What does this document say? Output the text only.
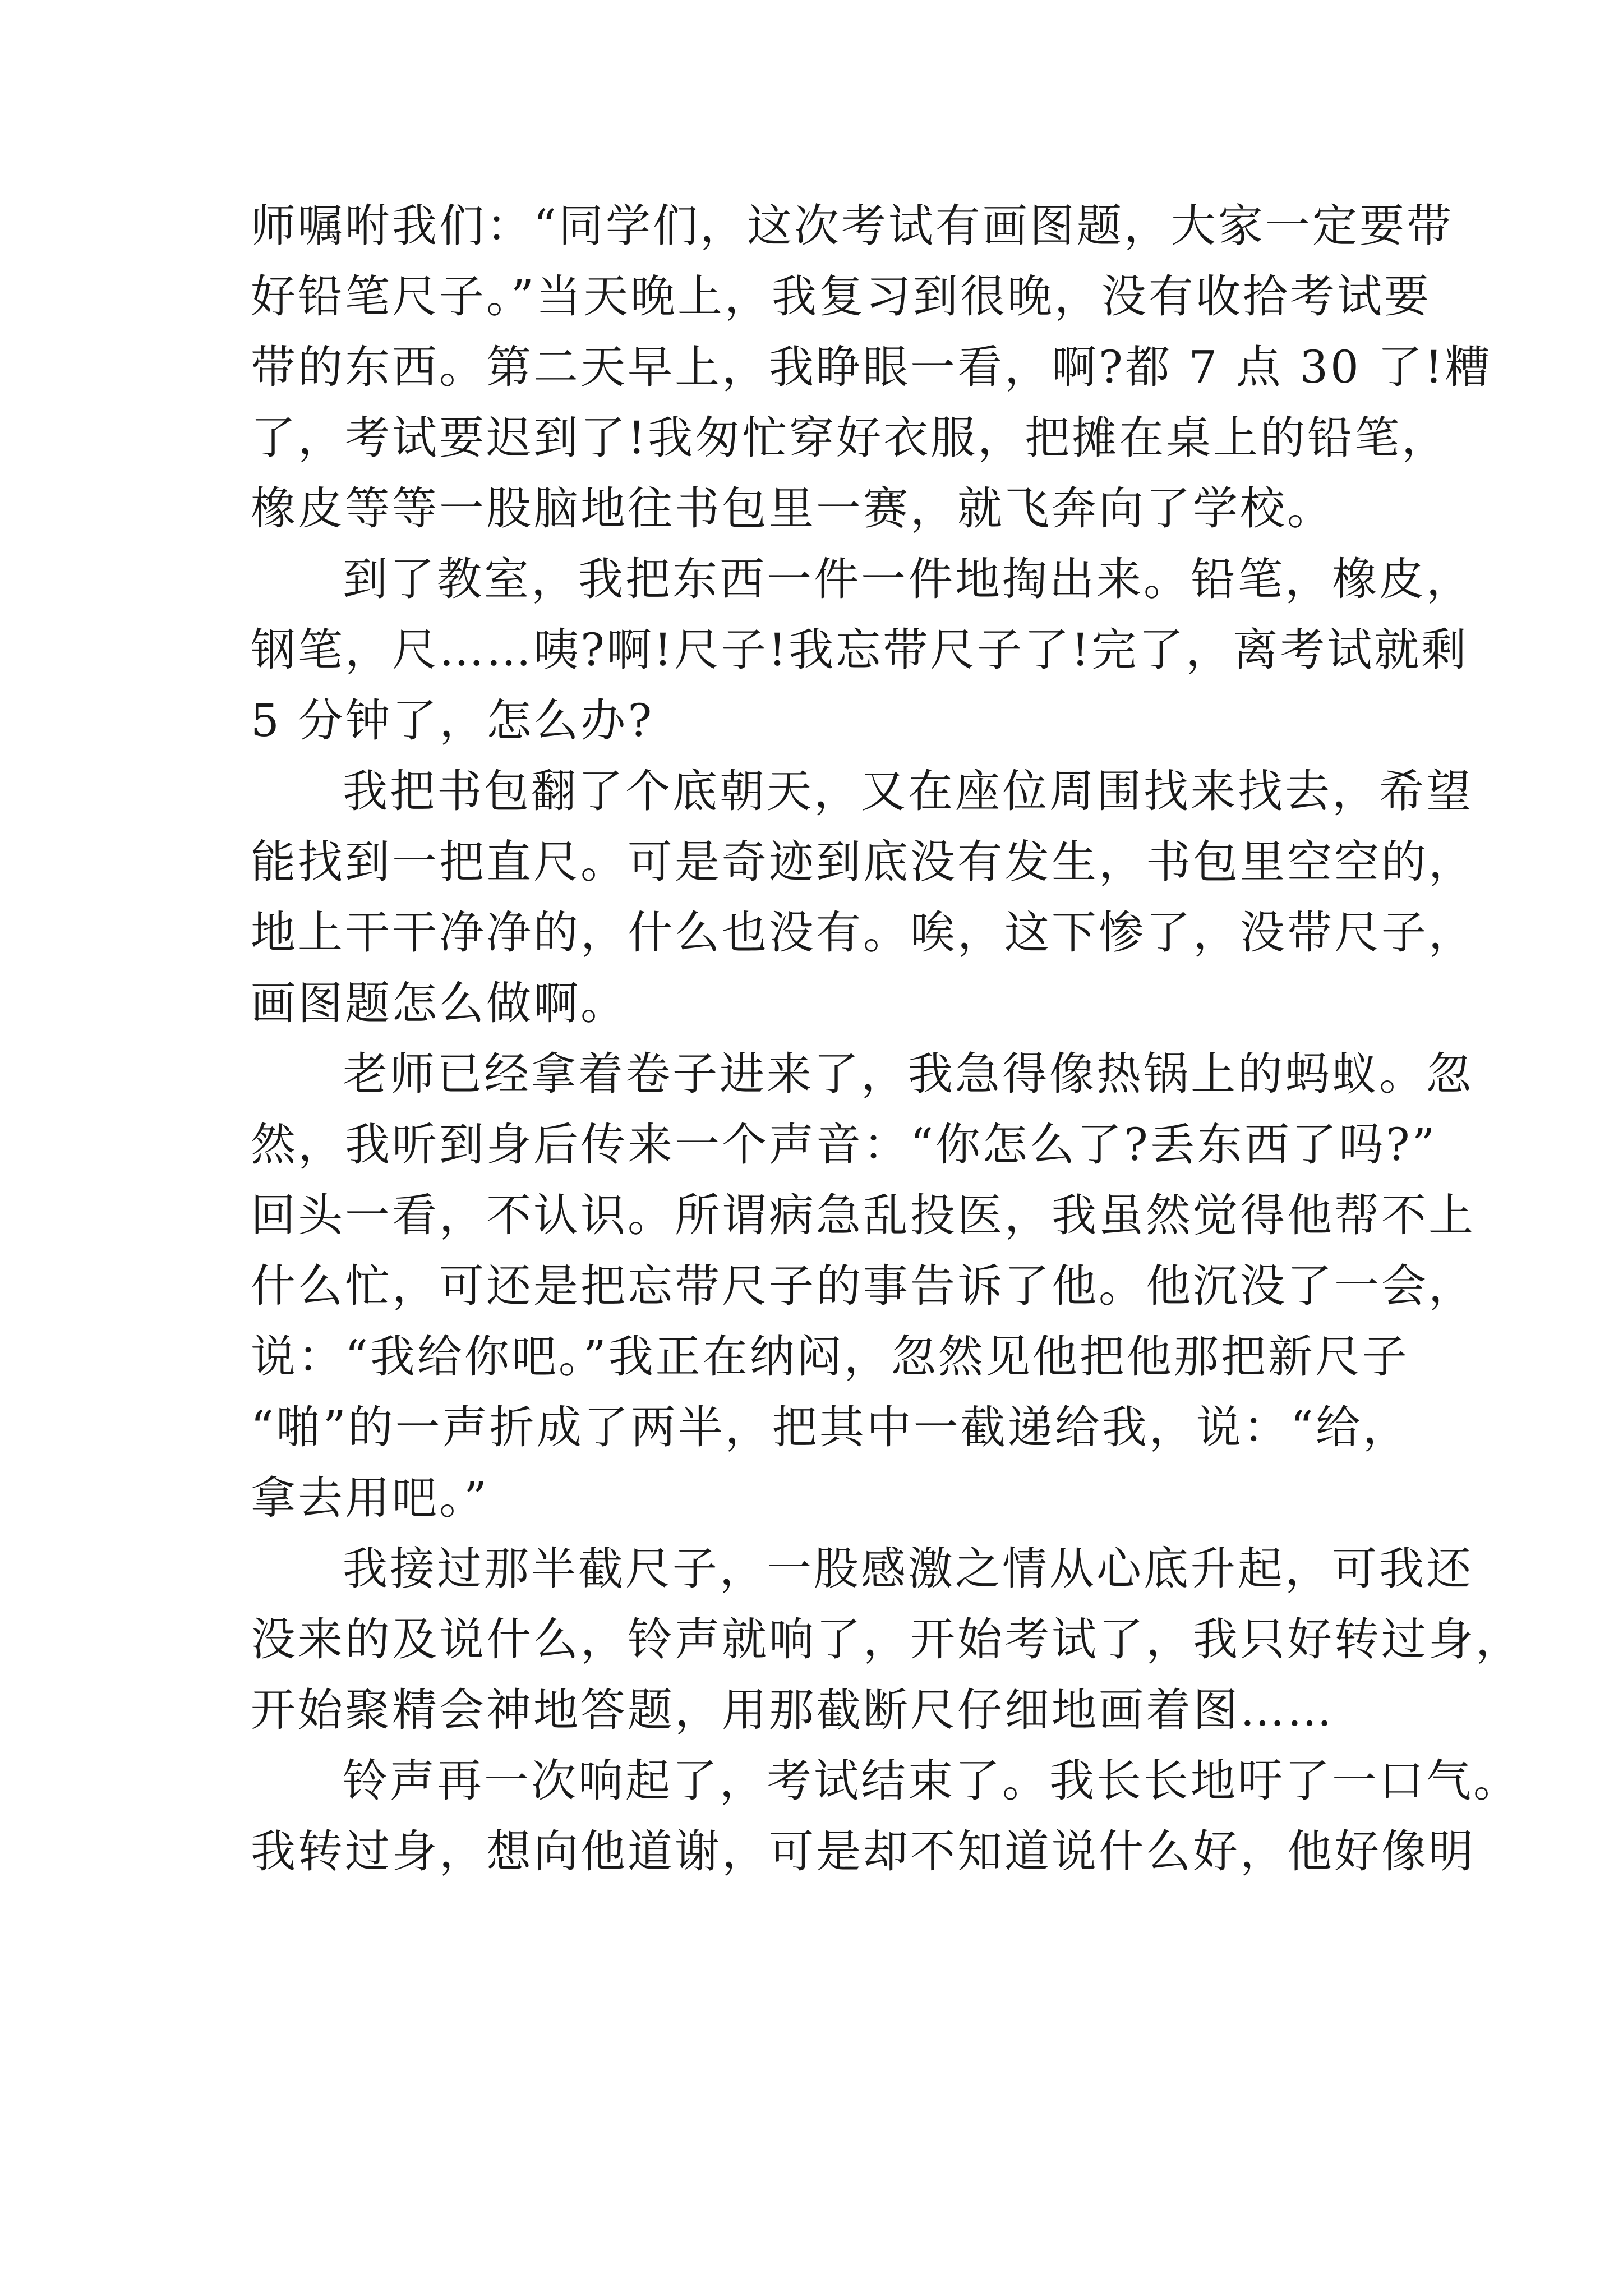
师嘱咐我们：“同学们，这次考试有画图题，大家一定要带
好铅笔尺子。”当天晚上，我复习到很晚，没有收拾考试要
带的东西。第二天早上，我睁眼一看，啊?都 7 点 30 了!糟
了，考试要迟到了!我匆忙穿好衣服，把摊在桌上的铅笔，
橡皮等等一股脑地往书包里一赛，就飞奔向了学校。
到了教室，我把东西一件一件地掏出来。铅笔，橡皮，
钢笔，尺……咦?啊!尺子!我忘带尺子了!完了，离考试就剩
5 分钟了，怎么办?
我把书包翻了个底朝天，又在座位周围找来找去，希望
能找到一把直尺。可是奇迹到底没有发生，书包里空空的，
地上干干净净的，什么也没有。唉，这下惨了，没带尺子，
画图题怎么做啊。
老师已经拿着卷子进来了，我急得像热锅上的蚂蚁。忽
然，我听到身后传来一个声音：“你怎么了?丢东西了吗?”
回头一看，不认识。所谓病急乱投医，我虽然觉得他帮不上
什么忙，可还是把忘带尺子的事告诉了他。他沉没了一会，
说：“我给你吧。”我正在纳闷，忽然见他把他那把新尺子
“啪”的一声折成了两半，把其中一截递给我，说：“给，
拿去用吧。”
我接过那半截尺子，一股感激之情从心底升起，可我还
没来的及说什么，铃声就响了，开始考试了，我只好转过身，
开始聚精会神地答题，用那截断尺仔细地画着图……
铃声再一次响起了，考试结束了。我长长地吁了一口气。
我转过身，想向他道谢，可是却不知道说什么好，他好像明
